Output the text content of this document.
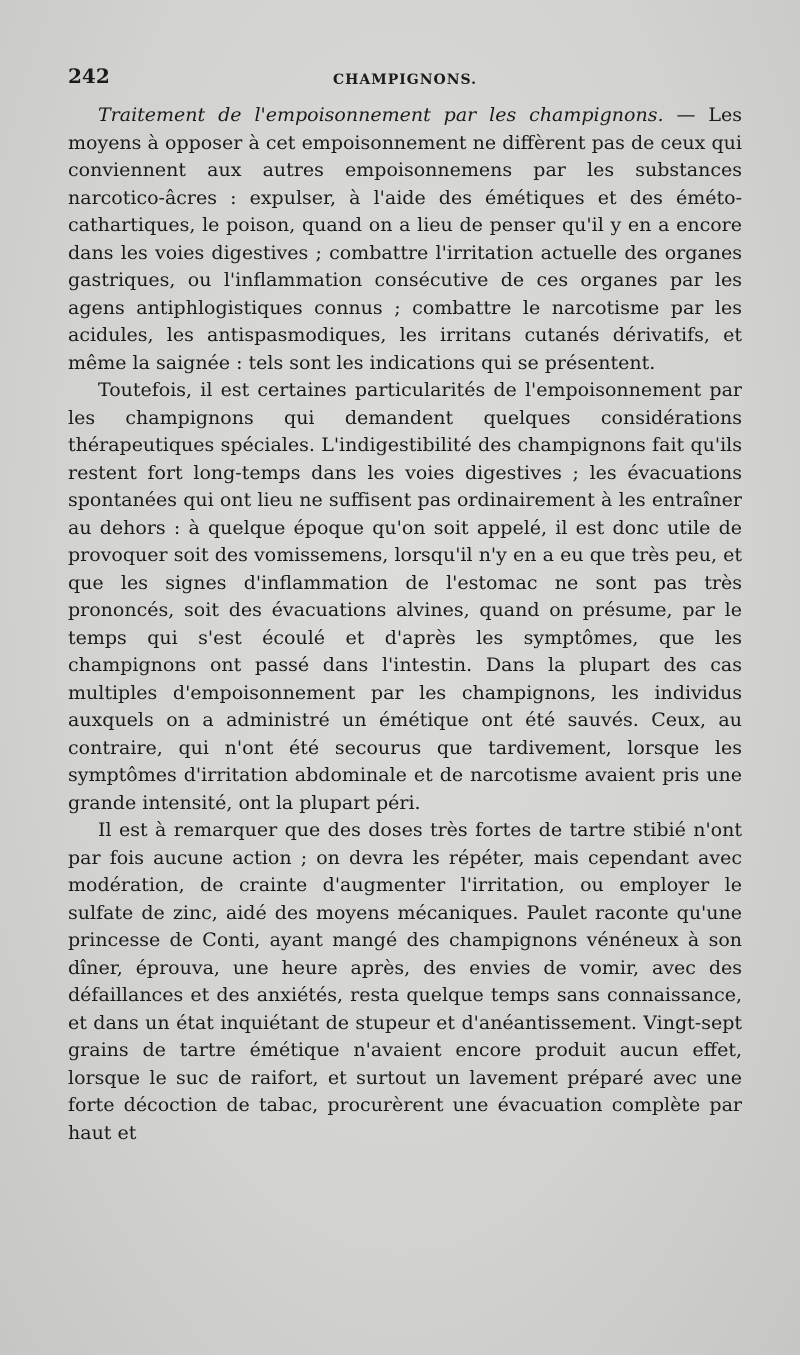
242	CHAMPIGNONS.

Traitement de l'empoisonnement par les champignons. — Les moyens à opposer à cet empoisonnement ne diffèrent pas de ceux qui conviennent aux autres empoisonnemens par les substances narcotico-âcres : expulser, à l'aide des émétiques et des éméto-cathartiques, le poison, quand on a lieu de penser qu'il y en a encore dans les voies digestives ; combattre l'irritation actuelle des organes gastriques, ou l'inflammation consécutive de ces organes par les agens antiphlogistiques connus ; combattre le narcotisme par les acidules, les antispasmodiques, les irritans cutanés dérivatifs, et même la saignée : tels sont les indications qui se présentent.

Toutefois, il est certaines particularités de l'empoisonnement par les champignons qui demandent quelques considérations thérapeutiques spéciales. L'indigestibilité des champignons fait qu'ils restent fort long-temps dans les voies digestives ; les évacuations spontanées qui ont lieu ne suffisent pas ordinairement à les entraîner au dehors : à quelque époque qu'on soit appelé, il est donc utile de provoquer soit des vomissemens, lorsqu'il n'y en a eu que très peu, et que les signes d'inflammation de l'estomac ne sont pas très prononcés, soit des évacuations alvines, quand on présume, par le temps qui s'est écoulé et d'après les symptômes, que les champignons ont passé dans l'intestin. Dans la plupart des cas multiples d'empoisonnement par les champignons, les individus auxquels on a administré un émétique ont été sauvés. Ceux, au contraire, qui n'ont été secourus que tardivement, lorsque les symptômes d'irritation abdominale et de narcotisme avaient pris une grande intensité, ont la plupart péri.

Il est à remarquer que des doses très fortes de tartre stibié n'ont par fois aucune action ; on devra les répéter, mais cependant avec modération, de crainte d'augmenter l'irritation, ou employer le sulfate de zinc, aidé des moyens mécaniques. Paulet raconte qu'une princesse de Conti, ayant mangé des champignons vénéneux à son dîner, éprouva, une heure après, des envies de vomir, avec des défaillances et des anxiétés, resta quelque temps sans connaissance, et dans un état inquiétant de stupeur et d'anéantissement. Vingt-sept grains de tartre émétique n'avaient encore produit aucun effet, lorsque le suc de raifort, et surtout un lavement préparé avec une forte décoction de tabac, procurèrent une évacuation complète par haut et
